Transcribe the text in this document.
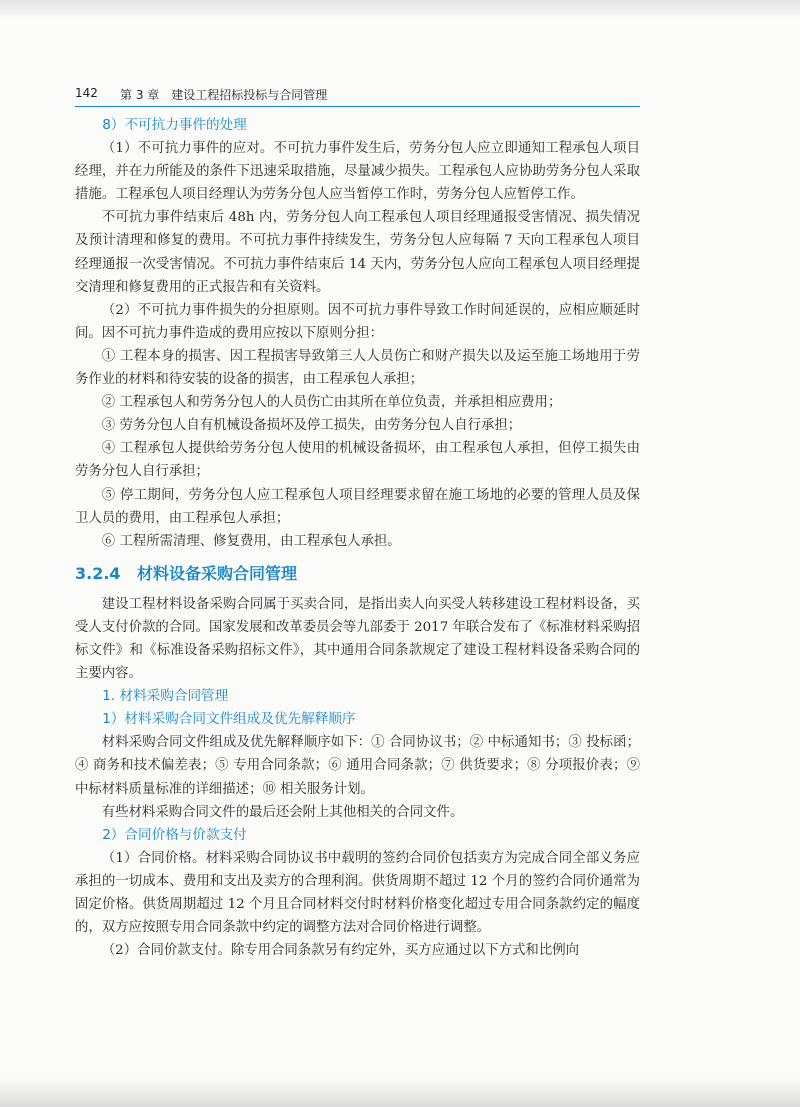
142 第 3 章　建设工程招标投标与合同管理
8）不可抗力事件的处理

（1）不可抗力事件的应对。不可抗力事件发生后，劳务分包人应立即通知工程承包人项目经理，并在力所能及的条件下迅速采取措施，尽量减少损失。工程承包人应协助劳务分包人采取措施。工程承包人项目经理认为劳务分包人应当暂停工作时，劳务分包人应暂停工作。

不可抗力事件结束后 48h 内，劳务分包人向工程承包人项目经理通报受害情况、损失情况及预计清理和修复的费用。不可抗力事件持续发生，劳务分包人应每隔 7 天向工程承包人项目经理通报一次受害情况。不可抗力事件结束后 14 天内，劳务分包人应向工程承包人项目经理提交清理和修复费用的正式报告和有关资料。

（2）不可抗力事件损失的分担原则。因不可抗力事件导致工作时间延误的，应相应顺延时间。因不可抗力事件造成的费用应按以下原则分担：

① 工程本身的损害、因工程损害导致第三人人员伤亡和财产损失以及运至施工场地用于劳务作业的材料和待安装的设备的损害，由工程承包人承担；

② 工程承包人和劳务分包人的人员伤亡由其所在单位负责，并承担相应费用；

③ 劳务分包人自有机械设备损坏及停工损失，由劳务分包人自行承担；

④ 工程承包人提供给劳务分包人使用的机械设备损坏，由工程承包人承担，但停工损失由劳务分包人自行承担；

⑤ 停工期间，劳务分包人应工程承包人项目经理要求留在施工场地的必要的管理人员及保卫人员的费用，由工程承包人承担；

⑥ 工程所需清理、修复费用，由工程承包人承担。

3.2.4 材料设备采购合同管理

建设工程材料设备采购合同属于买卖合同，是指出卖人向买受人转移建设工程材料设备，买受人支付价款的合同。国家发展和改革委员会等九部委于 2017 年联合发布了《标准材料采购招标文件》和《标准设备采购招标文件》，其中通用合同条款规定了建设工程材料设备采购合同的主要内容。

1. 材料采购合同管理
1）材料采购合同文件组成及优先解释顺序

材料采购合同文件组成及优先解释顺序如下：① 合同协议书；② 中标通知书；③ 投标函；④ 商务和技术偏差表；⑤ 专用合同条款；⑥ 通用合同条款；⑦ 供货要求；⑧ 分项报价表；⑨ 中标材料质量标准的详细描述；⑩ 相关服务计划。

有些材料采购合同文件的最后还会附上其他相关的合同文件。

2）合同价格与价款支付

（1）合同价格。材料采购合同协议书中载明的签约合同价包括卖方为完成合同全部义务应承担的一切成本、费用和支出及卖方的合理利润。供货周期不超过 12 个月的签约合同价通常为固定价格。供货周期超过 12 个月且合同材料交付时材料价格变化超过专用合同条款约定的幅度的，双方应按照专用合同条款中约定的调整方法对合同价格进行调整。

（2）合同价款支付。除专用合同条款另有约定外，买方应通过以下方式和比例向
